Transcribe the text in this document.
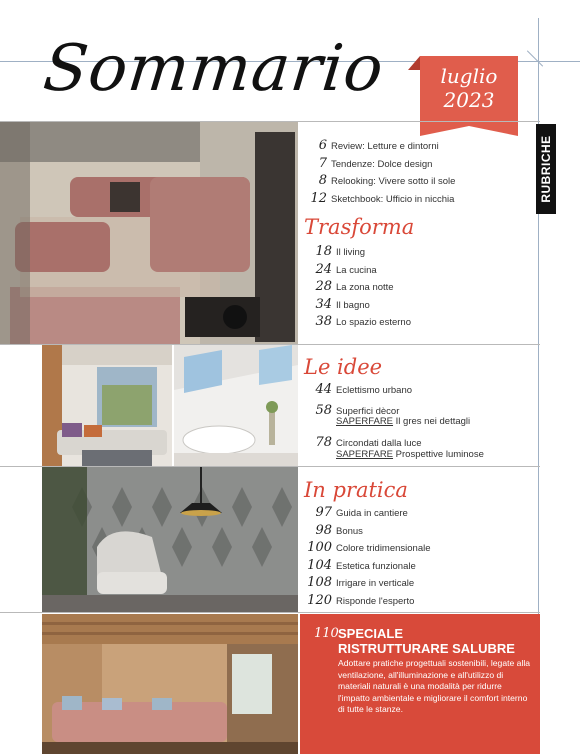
Sommario	luglio
2023
RUBRICHE
6 Review: Letture e dintorni
7 Tendenze: Dolce design
8 Relooking: Vivere sotto il sole
12 Sketchbook: Ufficio in nicchia
Trasforma
18 Il living
24 La cucina
28 La zona notte
34 Il bagno
38 Lo spazio esterno
Le idee
44 Eclettismo urbano
58 Superfici dècor
SAPERFARE Il gres nei dettagli
78 Circondati dalla luce
SAPERFARE Prospettive luminose
In pratica
97 Guida in cantiere
98 Bonus
100 Colore tridimensionale
104 Estetica funzionale
108 Irrigare in verticale
120 Risponde l'esperto
110 SPECIALE
RISTRUTTURARE SALUBRE
Adottare pratiche progettuali sostenibili, legate alla ventilazione, all'illuminazione e all'utilizzo di materiali naturali è una modalità per ridurre l'impatto ambientale e migliorare il comfort interno di tutte le stanze.
